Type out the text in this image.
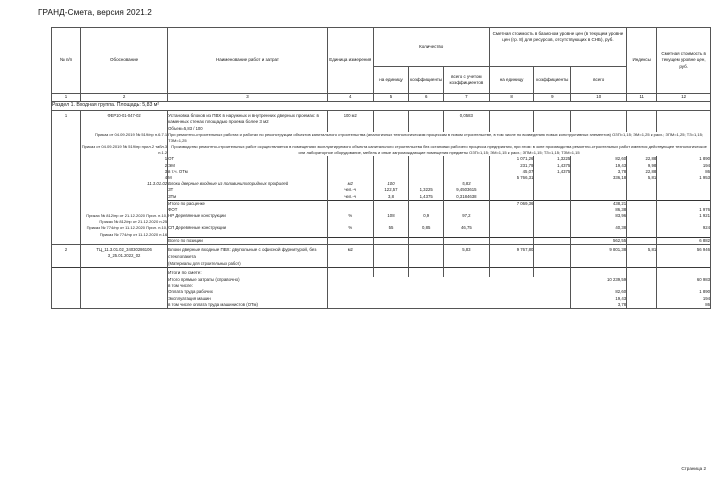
ГРАНД-Смета, версия 2021.2
№ п/п	Обоснование	Наименование работ и затрат	Единица измерения	Количество			Сметная стоимость в базисном уровне цен (в текущем уровне цен (гр. 8) для ресурсов, отсутствующих в СНБ), руб.			Индексы	Сметная стоимость в текущем уровне цен, руб.
				на единицу	коэффициенты	всего с учетом коэффициентов	на единицу	коэффициенты	всего		
1	2	3	4	5	6	7	8	9	10	11	12
Раздел 1. Входная группа. Площадь: 5,83 м²											
1	ФЕР10-01-047-02	Установка блоков из ПВХ в наружных и внутренних дверных проемах: в каменных стенах площадью проема более 3 м2	100 м2			0,0583					
		Объем=5,83 / 100									
	Приказ от 04.09.2019 № 519/пр п.6.7.1	При ремонтно-строительных работах и работах по реконструкции объектов капитального строительства (аналогичных технологическим процессам в новом строительстве, в том числе по возведению новых конструктивных элементов) ОЗП=1,15; ЭМ=1,25 к расх.; ЗПМ=1,25; ТЗ=1,15; ТЗМ=1,25									
	Приказ от 04.09.2019 № 519/пр прил.2 табл.3 п.1.2	Производство ремонтно-строительных работ осуществляется в помещениях эксплуатируемого объекта капитального строительства без остановки рабочего процесса предприятия, при этом: в зоне производства ремонтно-строительных работ имеются действующее технологическое или лабораторное оборудование, мебель и иные загромождающие помещения предметы ОЗП=1,15; ЭМ=1,15 к расх.; ЗПМ=1,15; ТЗ=1,15; ТЗМ=1,15									
	1	ОТ					1 071,26	1,3225	82,60	22,88	1 890
	2	ЭМ					231,79	1,4375	19,43	9,98	194
	3	в т.ч. ОТм					45,07	1,4375	3,78	22,88	86
	4	М					5 766,31		336,18	5,81	1 953
	11.3.01.02	Блоки дверные входные из поливинилхлоридных профилей	м2	100		5,83					
		ЗТ	чел.-ч	122,57	1,3225	9,4503615					
		ЗТм	чел.-ч	3,8	1,4375	0,3184638					
		Итого по расценке					7 069,36		438,21		
		ФОТ							86,38		1 976
	Приказ № 812/пр от 21.12.2020 Прил. п.10, Приказ № 812/пр от 21.12.2020 п.25	НР Деревянные конструкции	%	108	0,9	97,2			83,96		1 921
	Приказ № 774/пр от 11.12.2020 Прил. п.10, Приказ № 774/пр от 11.12.2020 п.16	СП Деревянные конструкции	%	55	0,85	46,75			40,38		924
		Всего по позиции							562,55		6 882
2	ТЦ_11.3.01.02_34030286106 3_25.01.2022_02	Блоки дверные входные ПВХ: двупольные с офисной фурнитурой, без стеклопакета	м2			5,83	9 767,80		9 801,38	5,81	56 946
		(Материалы для строительных работ)									
		Итоги по смете:									
		Итого прямые затраты (справочно)							10 239,59		60 983
		в том числе:									
		Оплата труда рабочих							82,60		1 890
		Эксплуатация машин							19,43		194
		в том числе оплата труда машинистов (ОТм)							3,78		86
Страница 2
